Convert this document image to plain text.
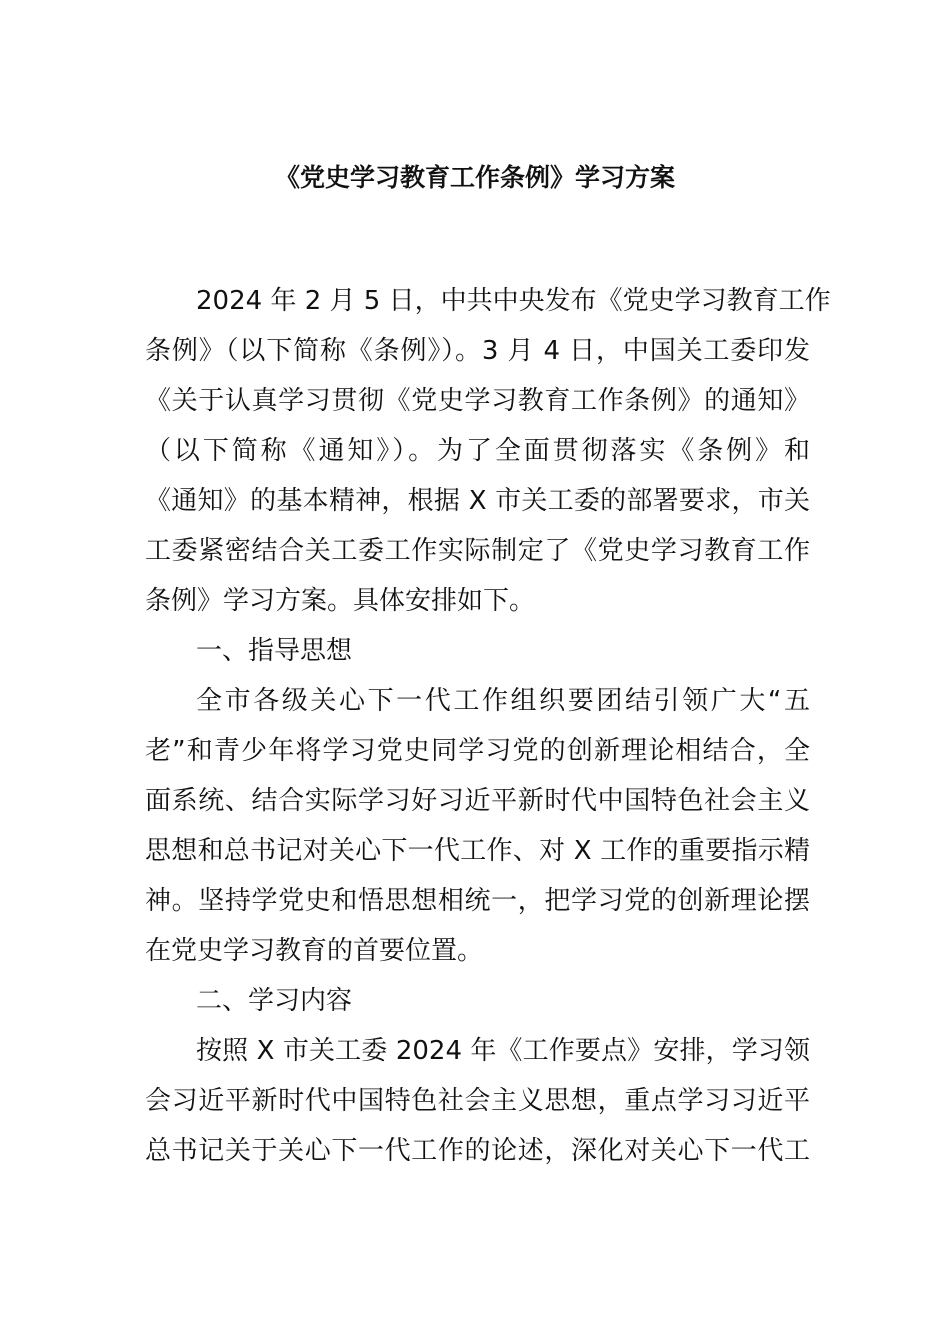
《党史学习教育工作条例》学习方案
2024 年 2 月 5 日，中共中央发布《党史学习教育工作
条例》（以下简称《条例》）。3 月 4 日，中国关工委印发
《关于认真学习贯彻《党史学习教育工作条例》的通知》
（以下简称《通知》）。为了全面贯彻落实《条例》和
《通知》的基本精神，根据 X 市关工委的部署要求，市关
工委紧密结合关工委工作实际制定了《党史学习教育工作
条例》学习方案。具体安排如下。
一、指导思想
全市各级关心下一代工作组织要团结引领广大“五
老”和青少年将学习党史同学习党的创新理论相结合，全
面系统、结合实际学习好习近平新时代中国特色社会主义
思想和总书记对关心下一代工作、对 X 工作的重要指示精
神。坚持学党史和悟思想相统一，把学习党的创新理论摆
在党史学习教育的首要位置。
二、学习内容
按照 X 市关工委 2024 年《工作要点》安排，学习领
会习近平新时代中国特色社会主义思想，重点学习习近平
总书记关于关心下一代工作的论述，深化对关心下一代工
